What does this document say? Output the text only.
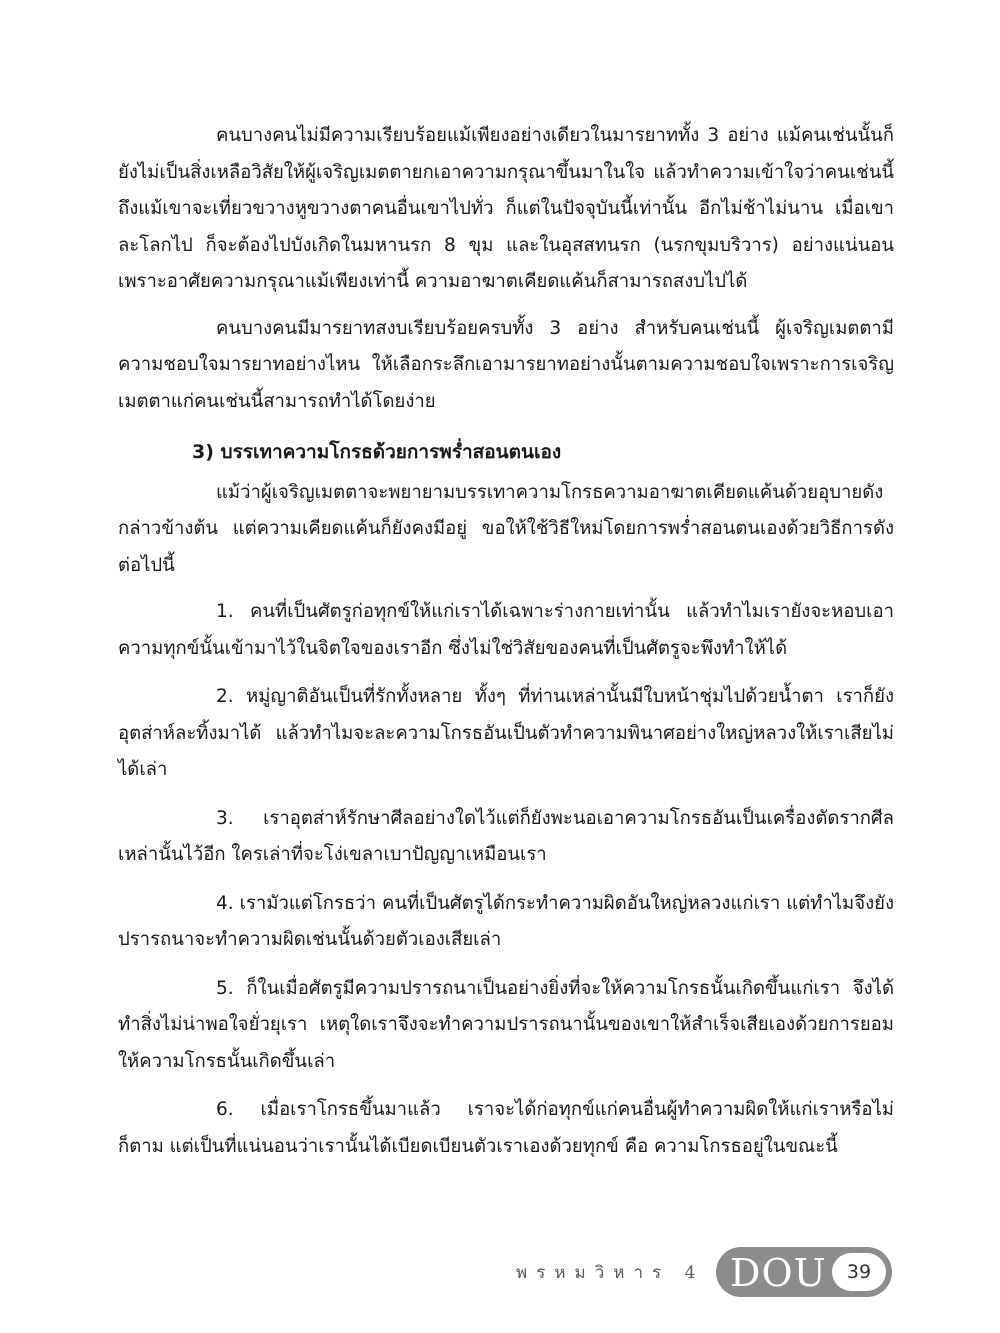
คนบางคนไม่มีความเรียบร้อยแม้เพียงอย่างเดียวในมารยาททั้ง 3 อย่าง แม้คนเช่นนั้นก็ยังไม่เป็นสิ่งเหลือวิสัยให้ผู้เจริญเมตตายกเอาความกรุณาขึ้นมาในใจ แล้วทำความเข้าใจว่าคนเช่นนี้ถึงแม้เขาจะเที่ยวขวางหูขวางตาคนอื่นเขาไปทั่ว ก็แต่ในปัจจุบันนี้เท่านั้น อีกไม่ช้าไม่นาน เมื่อเขาละโลกไป ก็จะต้องไปบังเกิดในมหานรก 8 ขุม และในอุสสทนรก (นรกขุมบริวาร) อย่างแน่นอน เพราะอาศัยความกรุณาแม้เพียงเท่านี้ ความอาฆาตเคียดแค้นก็สามารถสงบไปได้

คนบางคนมีมารยาทสงบเรียบร้อยครบทั้ง 3 อย่าง สำหรับคนเช่นนี้ ผู้เจริญเมตตามีความชอบใจมารยาทอย่างไหน ให้เลือกระลึกเอามารยาทอย่างนั้นตามความชอบใจเพราะการเจริญเมตตาแก่คนเช่นนี้สามารถทำได้โดยง่าย

3) บรรเทาความโกรธด้วยการพร่ำสอนตนเอง

แม้ว่าผู้เจริญเมตตาจะพยายามบรรเทาความโกรธความอาฆาตเคียดแค้นด้วยอุบายดังกล่าวข้างต้น แต่ความเคียดแค้นก็ยังคงมีอยู่ ขอให้ใช้วิธีใหม่โดยการพร่ำสอนตนเองด้วยวิธีการดังต่อไปนี้

1. คนที่เป็นศัตรูก่อทุกข์ให้แก่เราได้เฉพาะร่างกายเท่านั้น แล้วทำไมเรายังจะหอบเอาความทุกข์นั้นเข้ามาไว้ในจิตใจของเราอีก ซึ่งไม่ใช่วิสัยของคนที่เป็นศัตรูจะพึงทำให้ได้

2. หมู่ญาติอันเป็นที่รักทั้งหลาย ทั้งๆ ที่ท่านเหล่านั้นมีใบหน้าชุ่มไปด้วยน้ำตา เราก็ยังอุตส่าห์ละทิ้งมาได้ แล้วทำไมจะละความโกรธอันเป็นตัวทำความพินาศอย่างใหญ่หลวงให้เราเสียไม่ได้เล่า

3. เราอุตส่าห์รักษาศีลอย่างใดไว้แต่ก็ยังพะนอเอาความโกรธอันเป็นเครื่องตัดรากศีลเหล่านั้นไว้อีก ใครเล่าที่จะโง่เขลาเบาปัญญาเหมือนเรา

4. เรามัวแต่โกรธว่า คนที่เป็นศัตรูได้กระทำความผิดอันใหญ่หลวงแก่เรา แต่ทำไมจึงยังปรารถนาจะทำความผิดเช่นนั้นด้วยตัวเองเสียเล่า

5. ก็ในเมื่อศัตรูมีความปรารถนาเป็นอย่างยิ่งที่จะให้ความโกรธนั้นเกิดขึ้นแก่เรา จึงได้ทำสิ่งไม่น่าพอใจยั่วยุเรา เหตุใดเราจึงจะทำความปรารถนานั้นของเขาให้สำเร็จเสียเองด้วยการยอมให้ความโกรธนั้นเกิดขึ้นเล่า

6. เมื่อเราโกรธขึ้นมาแล้ว เราจะได้ก่อทุกข์แก่คนอื่นผู้ทำความผิดให้แก่เราหรือไม่ก็ตาม แต่เป็นที่แน่นอนว่าเรานั้นได้เบียดเบียนตัวเราเองด้วยทุกข์ คือ ความโกรธอยู่ในขณะนี้

พรหมวิหาร 4 DOU	39
